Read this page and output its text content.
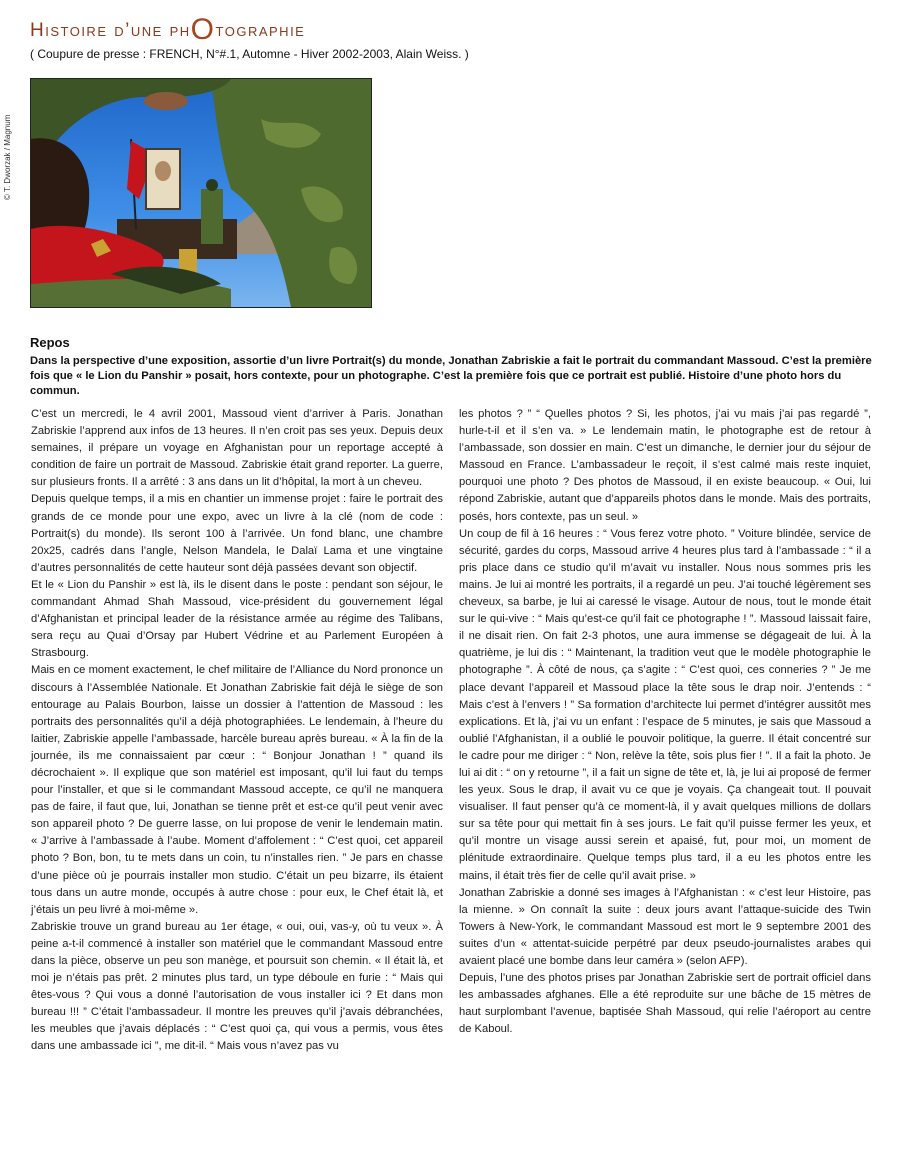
Histoire d’une phOtographie
( Coupure de presse : FRENCH, N°#.1, Automne - Hiver 2002-2003, Alain Weiss. )
© T. Dworzak / Magnum
Repos

Dans la perspective d’une exposition, assortie d’un livre Portrait(s) du monde, Jonathan Zabriskie a fait le portrait du commandant Massoud. C’est la première fois que « le Lion du Panshir » posait, hors contexte, pour un photographe. C’est la première fois que ce portrait est publié. Histoire d’une photo hors du commun.

C’est un mercredi, le 4 avril 2001, Massoud vient d’arriver à Paris. Jonathan Zabriskie l’apprend aux infos de 13 heures. Il n’en croit pas ses yeux. Depuis deux semaines, il prépare un voyage en Afghanistan pour un reportage accepté à condition de faire un portrait de Massoud. Zabriskie était grand reporter. La guerre, sur plusieurs fronts. Il a arrêté : 3 ans dans un lit d’hôpital, la mort à un cheveu.

Depuis quelque temps, il a mis en chantier un immense projet : faire le portrait des grands de ce monde pour une expo, avec un livre à la clé (nom de code : Portrait(s) du monde). Ils seront 100 à l’arrivée. Un fond blanc, une chambre 20x25, cadrés dans l’angle, Nelson Mandela, le Dalaï Lama et une vingtaine d’autres personnalités de cette hauteur sont déjà passées devant son objectif.

Et le « Lion du Panshir » est là, ils le disent dans le poste : pendant son séjour, le commandant Ahmad Shah Massoud, vice-président du gouvernement légal d’Afghanistan et principal leader de la résistance armée au régime des Talibans, sera reçu au Quai d’Orsay par Hubert Védrine et au Parlement Européen à Strasbourg.

Mais en ce moment exactement, le chef militaire de l’Alliance du Nord prononce un discours à l’Assemblée Nationale. Et Jonathan Zabriskie fait déjà le siège de son entourage au Palais Bourbon, laisse un dossier à l’attention de Massoud : les portraits des personnalités qu’il a déjà photographiées. Le lendemain, à l’heure du laitier, Zabriskie appelle l’ambassade, harcèle bureau après bureau. « À la fin de la journée, ils me connaissaient par cœur : “ Bonjour Jonathan ! ” quand ils décrochaient ». Il explique que son matériel est imposant, qu’il lui faut du temps pour l’installer, et que si le commandant Massoud accepte, ce qu’il ne manquera pas de faire, il faut que, lui, Jonathan se tienne prêt et est-ce qu’il peut venir avec son appareil photo ? De guerre lasse, on lui propose de venir le lendemain matin. « J’arrive à l’ambassade à l’aube. Moment d’affolement : “ C’est quoi, cet appareil photo ? Bon, bon, tu te mets dans un coin, tu n’installes rien. ” Je pars en chasse d’une pièce où je pourrais installer mon studio. C’était un peu bizarre, ils étaient tous dans un autre monde, occupés à autre chose : pour eux, le Chef était là, et j’étais un peu livré à moi-même ».

Zabriskie trouve un grand bureau au 1er étage, « oui, oui, vas-y, où tu veux ». À peine a-t-il commencé à installer son matériel que le commandant Massoud entre dans la pièce, observe un peu son manège, et poursuit son chemin. « Il était là, et moi je n’étais pas prêt. 2 minutes plus tard, un type déboule en furie : “ Mais qui êtes-vous ? Qui vous a donné l’autorisation de vous installer ici ? Et dans mon bureau !!! ” C’était l’ambassadeur. Il montre les preuves qu’il j’avais débranchées, les meubles que j’avais déplacés : “ C’est quoi ça, qui vous a permis, vous êtes dans une ambassade ici ”, me dit-il. “ Mais vous n’avez pas vu

les photos ? ” “ Quelles photos ? Si, les photos, j’ai vu mais j’ai pas regardé ”, hurle-t-il et il s’en va. » Le lendemain matin, le photographe est de retour à l’ambassade, son dossier en main. C’est un dimanche, le dernier jour du séjour de Massoud en France. L’ambassadeur le reçoit, il s’est calmé mais reste inquiet, pourquoi une photo ? Des photos de Massoud, il en existe beaucoup. « Oui, lui répond Zabriskie, autant que d’appareils photos dans le monde. Mais des portraits, posés, hors contexte, pas un seul. »

Un coup de fil à 16 heures : “ Vous ferez votre photo. ” Voiture blindée, service de sécurité, gardes du corps, Massoud arrive 4 heures plus tard à l’ambassade : “ il a pris place dans ce studio qu’il m’avait vu installer. Nous nous sommes pris les mains. Je lui ai montré les portraits, il a regardé un peu. J’ai touché légèrement ses cheveux, sa barbe, je lui ai caressé le visage. Autour de nous, tout le monde était sur le qui-vive : “ Mais qu’est-ce qu’il fait ce photographe ! ”. Massoud laissait faire, il ne disait rien. On fait 2-3 photos, une aura immense se dégageait de lui. À la quatrième, je lui dis : “ Maintenant, la tradition veut que le modèle photographie le photographe ”. À côté de nous, ça s’agite : “ C’est quoi, ces conneries ? ” Je me place devant l’appareil et Massoud place la tête sous le drap noir. J’entends : “ Mais c’est à l’envers ! ” Sa formation d’architecte lui permet d’intégrer aussitôt mes explications. Et là, j’ai vu un enfant : l’espace de 5 minutes, je sais que Massoud a oublié l’Afghanistan, il a oublié le pouvoir politique, la guerre. Il était concentré sur le cadre pour me diriger : “ Non, relève la tête, sois plus fier ! ”. Il a fait la photo. Je lui ai dit : “ on y retourne ”, il a fait un signe de tête et, là, je lui ai proposé de fermer les yeux. Sous le drap, il avait vu ce que je voyais. Ça changeait tout. Il pouvait visualiser. Il faut penser qu’à ce moment-là, il y avait quelques millions de dollars sur sa tête pour qui mettait fin à ses jours. Le fait qu’il puisse fermer les yeux, et qu’il montre un visage aussi serein et apaisé, fut, pour moi, un moment de plénitude extraordinaire. Quelque temps plus tard, il a eu les photos entre les mains, il était très fier de celle qu’il avait prise. »

Jonathan Zabriskie a donné ses images à l’Afghanistan : « c’est leur Histoire, pas la mienne. » On connaît la suite : deux jours avant l’attaque-suicide des Twin Towers à New-York, le commandant Massoud est mort le 9 septembre 2001 des suites d’un « attentat-suicide perpétré par deux pseudo-journalistes arabes qui avaient placé une bombe dans leur caméra » (selon AFP).

Depuis, l’une des photos prises par Jonathan Zabriskie sert de portrait officiel dans les ambassades afghanes. Elle a été reproduite sur une bâche de 15 mètres de haut surplombant l’avenue, baptisée Shah Massoud, qui relie l’aéroport au centre de Kaboul.
